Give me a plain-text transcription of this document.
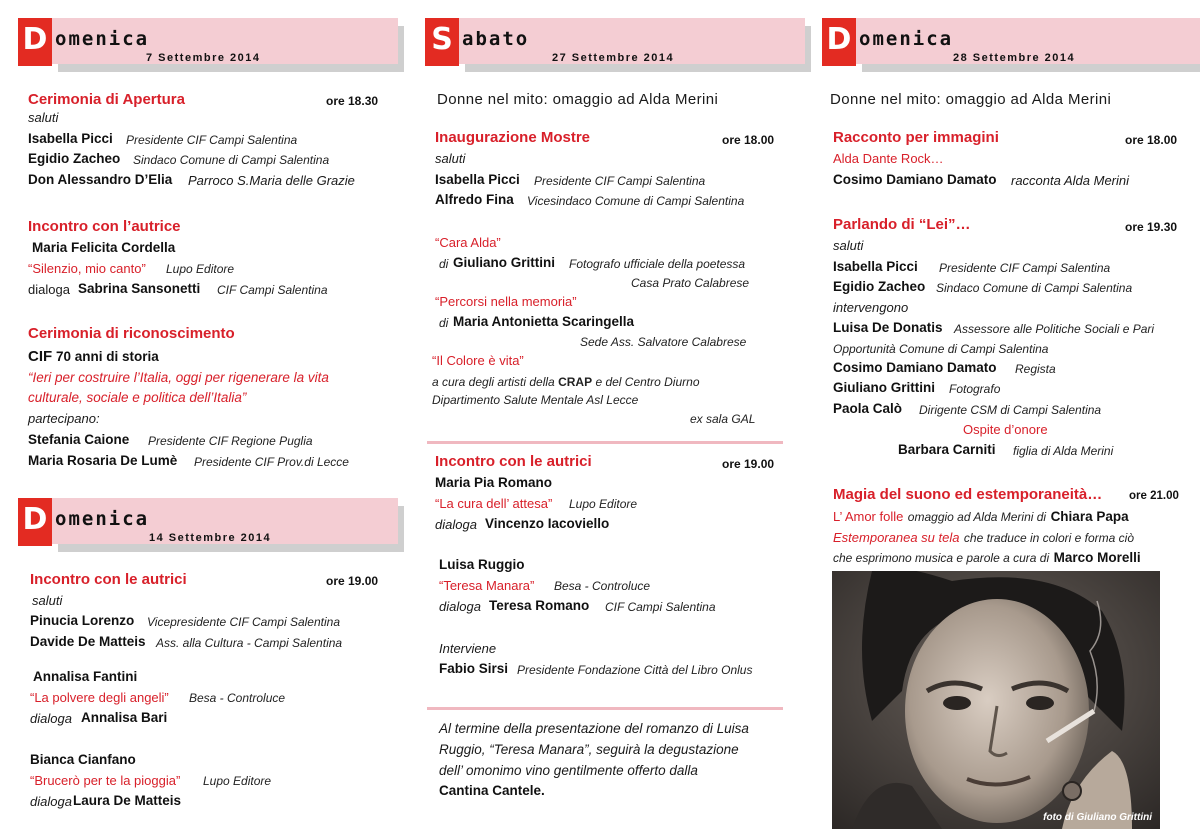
D omenica
7 Settembre 2014
Cerimonia di Apertura	ore 18.30
saluti
Isabella Picci Presidente CIF Campi Salentina
Egidio Zacheo Sindaco Comune di Campi Salentina
Don Alessandro D’Elia Parroco S.Maria delle Grazie
Incontro con l’autrice
Maria Felicita Cordella
“Silenzio, mio canto” Lupo Editore
dialoga Sabrina Sansonetti CIF Campi Salentina
Cerimonia di riconoscimento
CIF 70 anni di storia
“Ieri per costruire l’Italia, oggi per rigenerare la vita
culturale, sociale e politica dell’Italia”
partecipano:
Stefania Caione Presidente CIF Regione Puglia
Maria Rosaria De Lumè Presidente CIF Prov.di Lecce
D omenica
14 Settembre 2014
Incontro con le autrici	ore 19.00
saluti
Pinucia Lorenzo Vicepresidente CIF Campi Salentina
Davide De Matteis Ass. alla Cultura - Campi Salentina
Annalisa Fantini
“La polvere degli angeli” Besa - Controluce
dialoga Annalisa Bari
Bianca Cianfano
“Brucerò per te la pioggia” Lupo Editore
dialoga Laura De Matteis
S abato
27 Settembre 2014
Donne nel mito: omaggio ad Alda Merini
Inaugurazione Mostre	ore 18.00
saluti
Isabella Picci Presidente CIF Campi Salentina
Alfredo Fina Vicesindaco Comune di Campi Salentina
“Cara Alda”
di Giuliano Grittini Fotografo ufficiale della poetessa
Casa Prato Calabrese
“Percorsi nella memoria”
di Maria Antonietta Scaringella
Sede Ass. Salvatore Calabrese
“Il Colore è vita”
a cura degli artisti della CRAP e del Centro Diurno
Dipartimento Salute Mentale Asl Lecce
ex sala GAL
Incontro con le autrici	ore 19.00
Maria Pia Romano
“La cura dell’ attesa” Lupo Editore
dialoga Vincenzo Iacoviello
Luisa Ruggio
“Teresa Manara” Besa - Controluce
dialoga Teresa Romano CIF Campi Salentina
Interviene
Fabio Sirsi Presidente Fondazione Città del Libro Onlus
Al termine della presentazione del romanzo di Luisa
Ruggio, “Teresa Manara”, seguirà la degustazione
dell’ omonimo vino gentilmente offerto dalla
Cantina Cantele.
D omenica
28 Settembre 2014
Donne nel mito: omaggio ad Alda Merini
Racconto per immagini	ore 18.00
Alda Dante Rock…
Cosimo Damiano Damato racconta Alda Merini
Parlando di “Lei”…	ore 19.30
saluti
Isabella Picci Presidente CIF Campi Salentina
Egidio Zacheo Sindaco Comune di Campi Salentina
intervengono
Luisa De Donatis Assessore alle Politiche Sociali e Pari
Opportunità Comune di Campi Salentina
Cosimo Damiano Damato Regista
Giuliano Grittini Fotografo
Paola Calò Dirigente CSM di Campi Salentina
Ospite d’onore
Barbara Carniti figlia di Alda Merini
Magia del suono ed estemporaneità… ore 21.00
L’ Amor folle omaggio ad Alda Merini di Chiara Papa
Estemporanea su tela che traduce in colori e forma ciò
che esprimono musica e parole a cura di Marco Morelli
foto di Giuliano Grittini
